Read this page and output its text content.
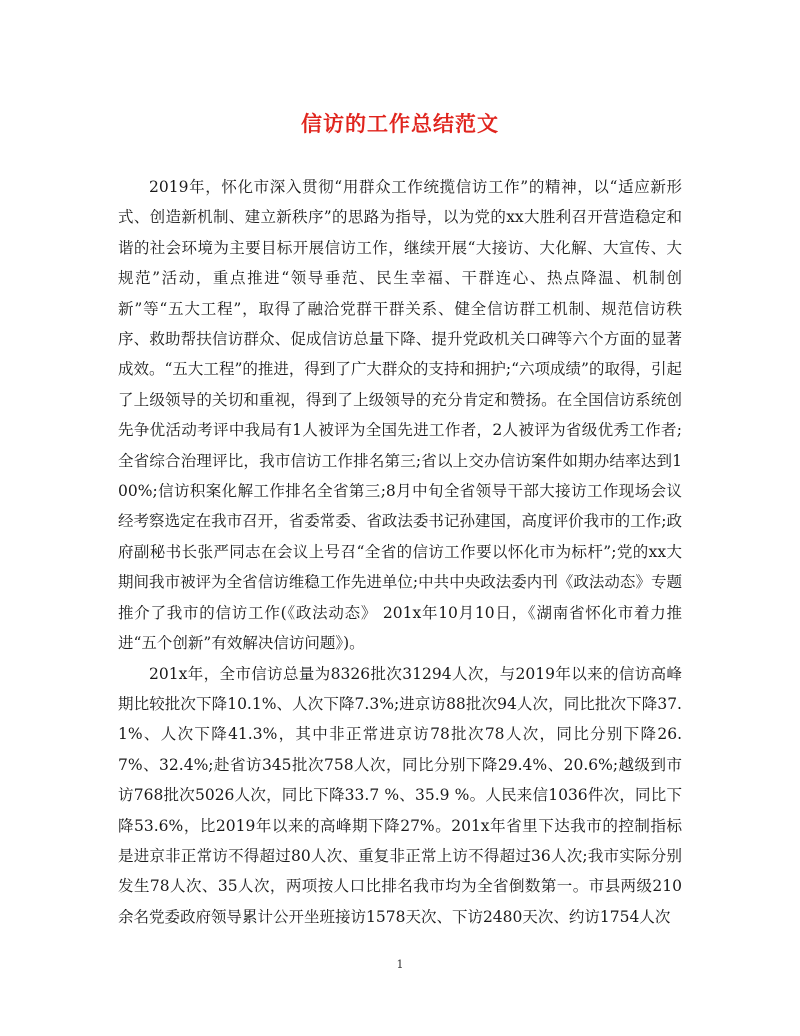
信访的工作总结范文

2019年，怀化市深入贯彻“用群众工作统揽信访工作”的精神，以“适应新形式、创造新机制、建立新秩序”的思路为指导，以为党的xx大胜利召开营造稳定和谐的社会环境为主要目标开展信访工作，继续开展“大接访、大化解、大宣传、大规范”活动，重点推进“领导垂范、民生幸福、干群连心、热点降温、机制创新”等“五大工程”，取得了融洽党群干群关系、健全信访群工机制、规范信访秩序、救助帮扶信访群众、促成信访总量下降、提升党政机关口碑等六个方面的显著成效。“五大工程”的推进，得到了广大群众的支持和拥护;“六项成绩”的取得，引起了上级领导的关切和重视，得到了上级领导的充分肯定和赞扬。在全国信访系统创先争优活动考评中我局有1人被评为全国先进工作者，2人被评为省级优秀工作者;全省综合治理评比，我市信访工作排名第三;省以上交办信访案件如期办结率达到100%;信访积案化解工作排名全省第三;8月中旬全省领导干部大接访工作现场会议经考察选定在我市召开，省委常委、省政法委书记孙建国，高度评价我市的工作;政府副秘书长张严同志在会议上号召“全省的信访工作要以怀化市为标杆”;党的xx大期间我市被评为全省信访维稳工作先进单位;中共中央政法委内刊《政法动态》专题推介了我市的信访工作(《政法动态》 201x年10月10日，《湖南省怀化市着力推进“五个创新”有效解决信访问题》)。

201x年，全市信访总量为8326批次31294人次，与2019年以来的信访高峰期比较批次下降10.1%、人次下降7.3%;进京访88批次94人次，同比批次下降37.1%、人次下降41.3%，其中非正常进京访78批次78人次，同比分别下降26.7%、32.4%;赴省访345批次758人次，同比分别下降29.4%、20.6%;越级到市访768批次5026人次，同比下降33.7 %、35.9 %。人民来信1036件次，同比下降53.6%，比2019年以来的高峰期下降27%。201x年省里下达我市的控制指标是进京非正常访不得超过80人次、重复非正常上访不得超过36人次;我市实际分别发生78人次、35人次，两项按人口比排名我市均为全省倒数第一。市县两级210余名党委政府领导累计公开坐班接访1578天次、下访2480天次、约访1754人次

1
